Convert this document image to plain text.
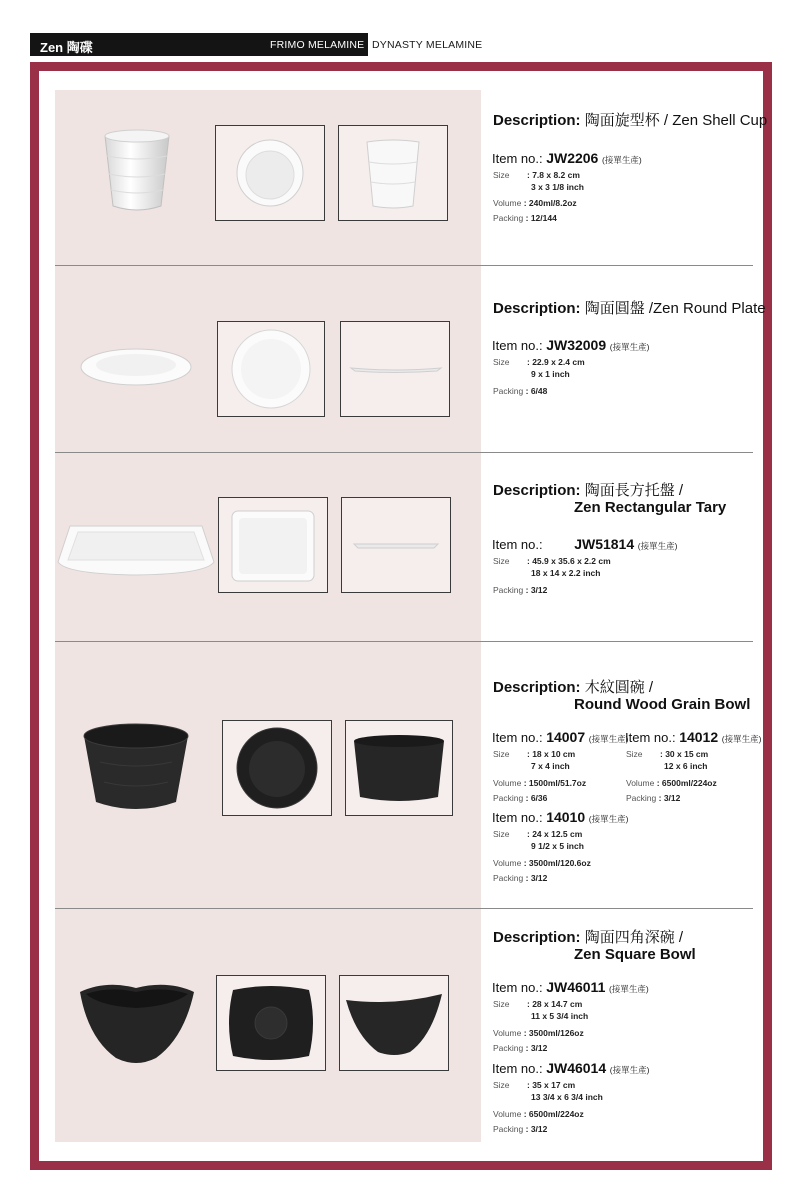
Zen 陶碟	FRIMO MELAMINE DYNASTY MELAMINE
Description: 陶面旋型杯 / Zen Shell Cup
Item no.: JW2206 (接單生產)
Size : 7.8 x 8.2 cm
3 x 3 1/8 inch
Volume : 240ml/8.2oz
Packing : 12/144
Description: 陶面圓盤 /Zen Round Plate
Item no.: JW32009 (接單生產)
Size : 22.9 x 2.4 cm
9 x 1 inch
Packing : 6/48
Description: 陶面長方托盤 /
Zen Rectangular Tary
Item no.: JW51814 (接單生產)
Size : 45.9 x 35.6 x 2.2 cm
18 x 14 x 2.2 inch
Packing : 3/12
Description: 木紋圓碗 /
Round Wood Grain Bowl
Item no.: 14007 (接單生產)
Size : 18 x 10 cm
7 x 4 inch
Volume : 1500ml/51.7oz
Packing : 6/36
Item no.: 14012 (接單生產)
Size : 30 x 15 cm
12 x 6 inch
Volume : 6500ml/224oz
Packing : 3/12
Item no.: 14010 (接單生產)
Size : 24 x 12.5 cm
9 1/2 x 5 inch
Volume : 3500ml/120.6oz
Packing : 3/12
Description: 陶面四角深碗 /
Zen Square Bowl
Item no.: JW46011 (接單生產)
Size : 28 x 14.7 cm
11 x 5 3/4 inch
Volume : 3500ml/126oz
Packing : 3/12
Item no.: JW46014 (接單生產)
Size : 35 x 17 cm
13 3/4 x 6 3/4 inch
Volume : 6500ml/224oz
Packing : 3/12
